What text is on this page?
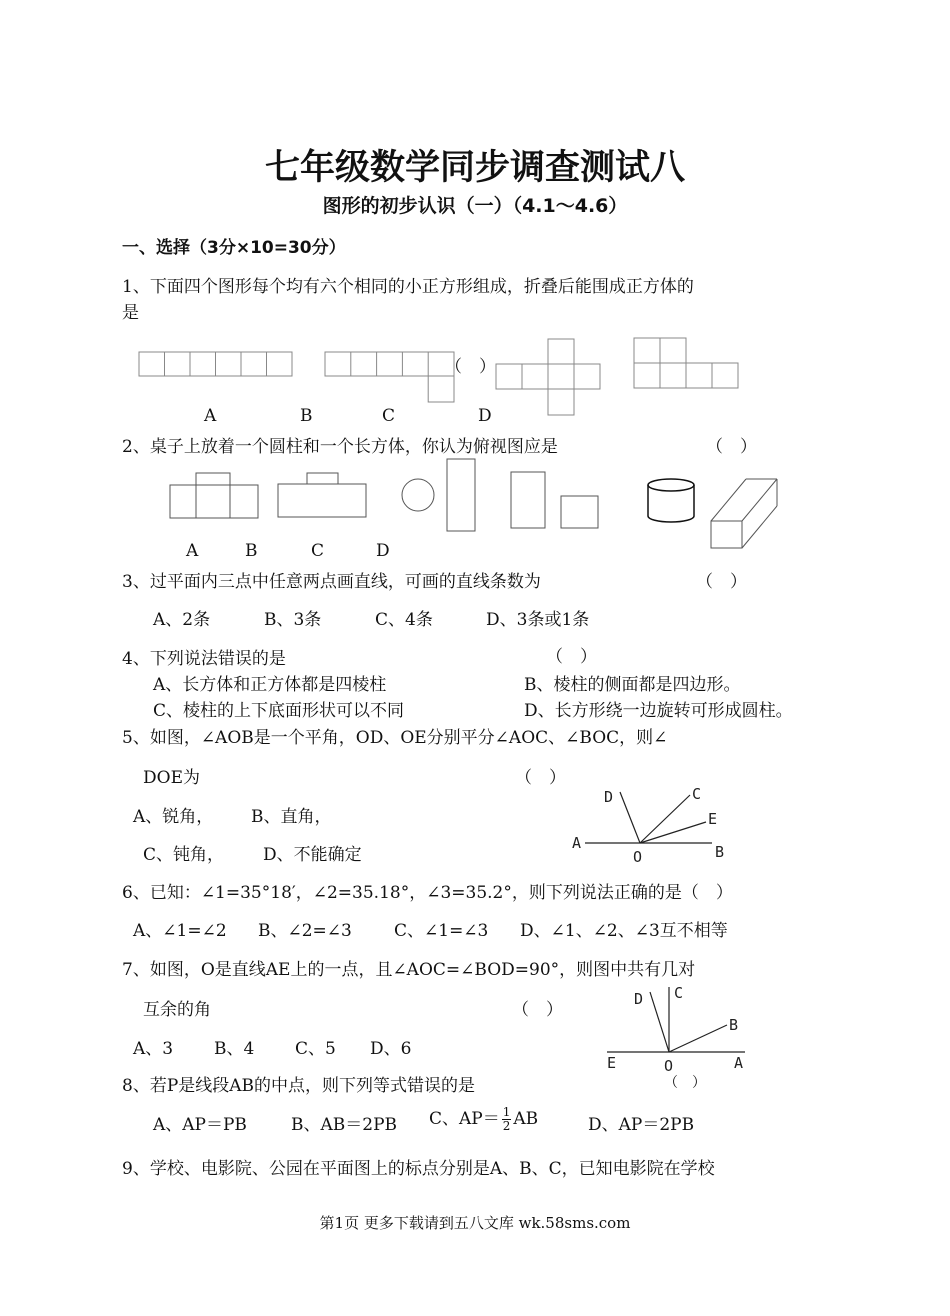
七年级数学同步调查测试八
图形的初步认识（一）（4.1～4.6）
一、选择（3分×10=30分）
1、下面四个图形每个均有六个相同的小正方形组成，折叠后能围成正方体的
是
（　）
A	B	C	D
2、桌子上放着一个圆柱和一个长方体，你认为俯视图应是	（　）
A	B	C	D
3、过平面内三点中任意两点画直线，可画的直线条数为	（　）
A、2条	B、3条	C、4条	D、3条或1条
4、下列说法错误的是	（　）
A、长方体和正方体都是四棱柱	B、棱柱的侧面都是四边形。
C、棱柱的上下底面形状可以不同	D、长方形绕一边旋转可形成圆柱。
5、如图，∠AOB是一个平角，OD、OE分别平分∠AOC、∠BOC，则∠
DOE为	（　）
A、锐角， B、直角，
C、钝角， D、不能确定
A
O	B
C
D
E
6、已知：∠1=35°18′，∠2=35.18°，∠3=35.2°，则下列说法正确的是（　）
A、∠1=∠2 B、∠2=∠3 C、∠1=∠3 D、∠1、∠2、∠3互不相等
7、如图，O是直线AE上的一点，且∠AOC=∠BOD=90°，则图中共有几对
互余的角	（　）
A、3 B、4 C、5 D、6
D C
B
E	O	A
8、若P是线段AB的中点，则下列等式错误的是	（　）
A、AP＝PB	B、AB＝2PB C、$AP= \frac{1}{2}$ AB	D、AP＝2PB
9、学校、电影院、公园在平面图上的标点分别是A、B、C，已知电影院在学校
第1页 更多下载请到五八文库 wk.58sms.com
